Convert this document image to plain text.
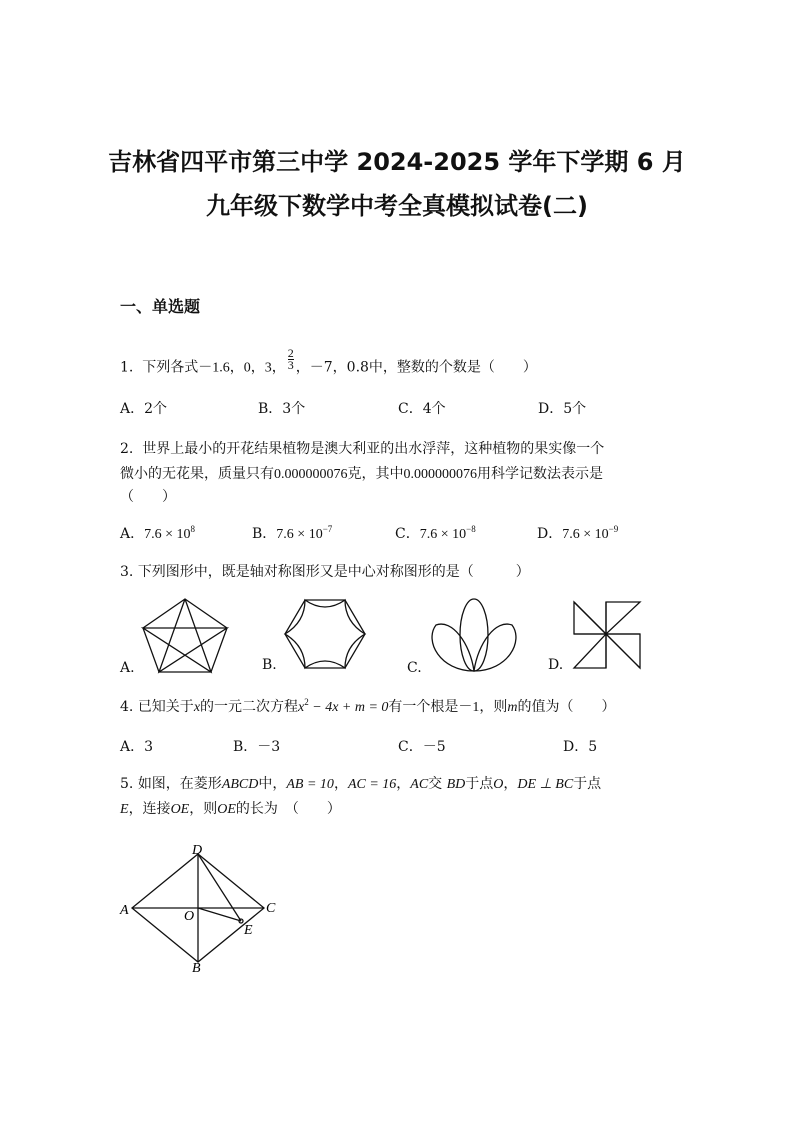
吉林省四平市第三中学 2024-2025 学年下学期 6 月
九年级下数学中考全真模拟试卷(二)
一、单选题
1. 下列各式－1.6，0，3， $\frac{2}{3}$ ，－7，0.8中，整数的个数是（　　）
A．2个	B．3个	C．4个	D．5个
2. 世界上最小的开花结果植物是澳大利亚的出水浮萍，这种植物的果实像一个
微小的无花果，质量只有0.000000076克，其中0.000000076用科学记数法表示是
（　　）
A．$7.6 \times 10^8$	B．$7.6 \times 10^{-7}$	C．$7.6 \times 10^{-8}$	D．$7.6 \times 10^{-9}$
3. 下列图形中，既是轴对称图形又是中心对称图形的是（　　　）
A.	B.	C.	D.
4. 已知关于x的一元二次方程$x^2 - 4x + m = 0$有一个根是－1，则m的值为（　　）
A．3	B．－3	C．－5	D．5
5. 如图，在菱形ABCD中，AB = 10，AC = 16，AC交 BD于点O，DE ⊥ BC于点
E，连接OE，则OE的长为　（　　）
A
D
C
B
O
E
